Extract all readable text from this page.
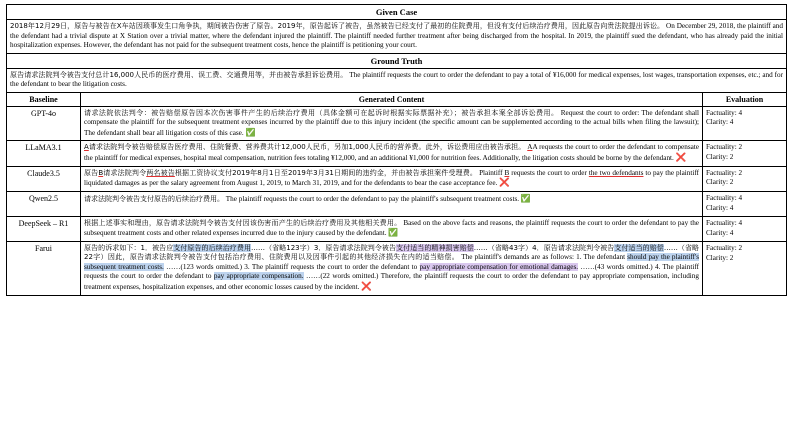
Given Case		
2018年12月29日，原告与被告在X车站因琐事发生口角争执，期间被告伤害了原告。2019年，原告起诉了被告，虽然被告已经支付了最初的住院费用，但没有支付后续治疗费用，因此原告向贵法院提出诉讼。 On December 29, 2018, the plaintiff and the defendant had a trivial dispute at X Station over a trivial matter, where the defendant injured the plaintiff. The plaintiff needed further treatment after being discharged from the hospital. In 2019, the plaintiff sued the defendant, who has already paid the initial hospitalization expenses. However, the defendant has not paid for the subsequent treatment costs, hence the plaintiff is petitioning your court.		
Ground Truth		
原告请求法院判令被告支付总计16,000人民币的医疗费用、误工费、交通费用等，并由被告承担诉讼费用。 The plaintiff requests the court to order the defendant to pay a total of ¥16,000 for medical expenses, lost wages, transportation expenses, etc.; and for the defendant to bear the litigation costs.		
Baseline	Generated Content	Evaluation
GPT-4o	请求法院依法判令：被告赔偿原告因本次伤害事件产生的后续治疗费用（具体金额可在起诉时根据实际票据补充）；被告承担本案全部诉讼费用。 Request the court to order: The defendant shall compensate the plaintiff for the subsequent treatment expenses incurred by the plaintiff due to this injury incident (the specific amount can be supplemented according to the actual bills when filing the lawsuit); The defendant shall bear all litigation costs of this case. ✅	Factuality: 4
Clarity: 4

LLaMA3.1	A请求法院判令被告赔偿原告医疗费用、住院餐费、营养费共计12,000人民币，另加1,000人民币的营养费。此外，诉讼费用应由被告承担。 AA requests the court to order the defendant to compensate the plaintiff for medical expenses, hospital meal compensation, nutrition fees totaling ¥12,000, and an additional ¥1,000 for nutrition fees. Additionally, the litigation costs should be borne by the defendant. ❌	Factuality: 2
Clarity: 2

Claude3.5	原告B请求法院判令两名被告根据工资协议支付2019年8月1日至2019年3月31日期间的违约金，并由被告承担案件受理费。 Plaintiff B requests the court to order the two defendants to pay the plaintiff liquidated damages as per the salary agreement from August 1, 2019, to March 31, 2019, and for the defendants to bear the case acceptance fee. ❌	Factuality: 2
Clarity: 2

Qwen2.5	请求法院判令被告支付原告的后续治疗费用。 The plaintiff requests the court to order the defendant to pay the plaintiff's subsequent treatment costs. ✅	Factuality: 4
Clarity: 4

DeepSeek – R1	根据上述事实和理由，原告请求法院判令被告支付因该伤害而产生的后续治疗费用及其他相关费用。 Based on the above facts and reasons, the plaintiff requests the court to order the defendant to pay the subsequent treatment costs and other related expenses incurred due to the injury caused by the defendant. ✅	Factuality: 4
Clarity: 4

Farui	原告的诉求如下：1．被告应支付原告的后续治疗费用……（省略123字）3．原告请求法院判令被告支付适当的精神损害赔偿……（省略43字）4．原告请求法院判令被告支付适当的赔偿……（省略22字）因此，原告请求法院判令被告支付包括治疗费用、住院费用以及因事件引起的其他经济损失在内的适当赔偿。 The plaintiff's demands are as follows: 1. The defendant should pay the plaintiff's subsequent treatment costs. ……(123 words omitted.) 3. The plaintiff requests the court to order the defendant to pay appropriate compensation for emotional damages. ……(43 words omitted.) 4. The plaintiff requests the court to order the defendant to pay appropriate compensation. ……(22 words omitted.) Therefore, the plaintiff requests the court to order the defendant to pay appropriate compensation, including treatment expenses, hospitalization expenses, and other economic losses caused by the incident. ❌	Factuality: 2
Clarity: 2
